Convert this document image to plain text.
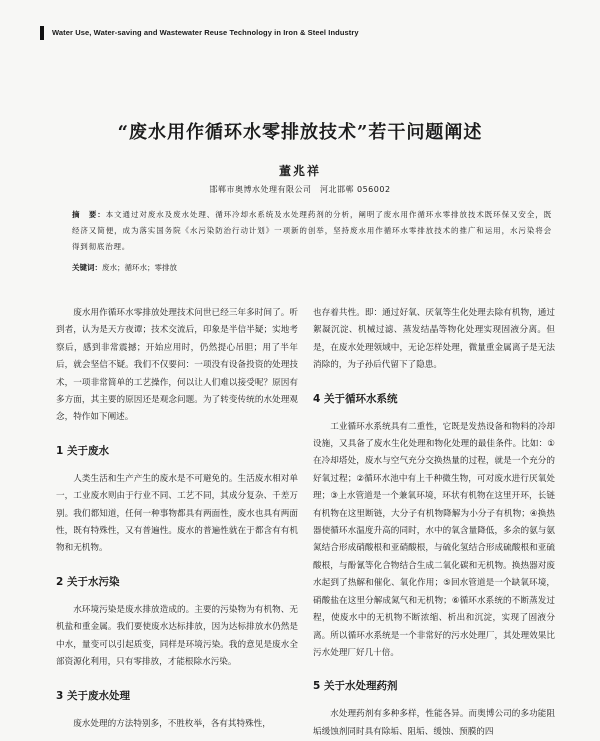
Water Use, Water-saving and Wastewater Reuse Technology in Iron & Steel Industry
“废水用作循环水零排放技术”若干问题阐述
董兆祥
邯郸市奥博水处理有限公司　河北邯郸 056002
摘　要：本文通过对废水及废水处理、循环冷却水系统及水处理药剂的分析，阐明了废水用作循环水零排放技术既环保又安全，既经济又简便，成为落实国务院《水污染防治行动计划》一项新的创举，坚持废水用作循环水零排放技术的推广和运用，水污染将会得到彻底治理。
关键词：废水；循环水；零排放

废水用作循环水零排放处理技术问世已经三年多时间了。听到者，认为是天方夜谭；技术交流后，印象是半信半疑；实地考察后，感到非常震撼；开始应用时，仍然提心吊胆；用了半年后，就会坚信不疑。我们不仅要问：一项没有设备投资的处理技术，一项非常简单的工艺操作，何以让人们难以接受呢？原因有多方面，其主要的原因还是观念问题。为了转变传统的水处理观念，特作如下阐述。

1 关于废水

人类生活和生产产生的废水是不可避免的。生活废水相对单一，工业废水则由于行业不同、工艺不同，其成分复杂、千差万别。我们都知道，任何一种事物都具有两面性，废水也具有两面性，既有特殊性，又有普遍性。废水的普遍性就在于都含有有机物和无机物。

2 关于水污染

水环境污染是废水排放造成的。主要的污染物为有机物、无机盐和重金属。我们要使废水达标排放，因为达标排放水仍然是中水，量变可以引起质变，同样是环境污染。我的意见是废水全部资源化利用，只有零排放，才能根除水污染。

3 关于废水处理

废水处理的方法特别多，不胜枚举，各有其特殊性，

也存着共性。即：通过好氧、厌氧等生化处理去除有机物，通过絮凝沉淀、机械过滤、蒸发结晶等物化处理实现固液分离。但是，在废水处理领域中，无论怎样处理，微量重金属离子是无法消除的，为子孙后代留下了隐患。

4 关于循环水系统

工业循环水系统具有二重性，它既是发热设备和物料的冷却设施，又具备了废水生化处理和物化处理的最佳条件。比如：①在冷却塔处，废水与空气充分交换热量的过程，就是一个充分的好氧过程；②循环水池中有上千种微生物，可对废水进行厌氧处理；③上水管道是一个兼氧环境，环状有机物在这里开环，长链有机物在这里断链，大分子有机物降解为小分子有机物；④换热器使循环水温度升高的同时，水中的氧含量降低，多余的氨与氨氮结合形成硝酸根和亚硝酸根，与硫化氢结合形成硫酸根和亚硫酸根，与酚氰等化合物结合生成二氧化碳和无机物。换热器对废水起到了热解和催化、氧化作用；⑤回水管道是一个缺氧环境，硝酸盐在这里分解成氮气和无机物；⑥循环水系统的不断蒸发过程，使废水中的无机物不断浓缩、析出和沉淀，实现了固液分离。所以循环水系统是一个非常好的污水处理厂，其处理效果比污水处理厂好几十倍。

5 关于水处理药剂

水处理药剂有多种多样，性能各异。而奥博公司的多功能阻垢缓蚀剂同时具有除垢、阻垢、缓蚀、预膜的四
